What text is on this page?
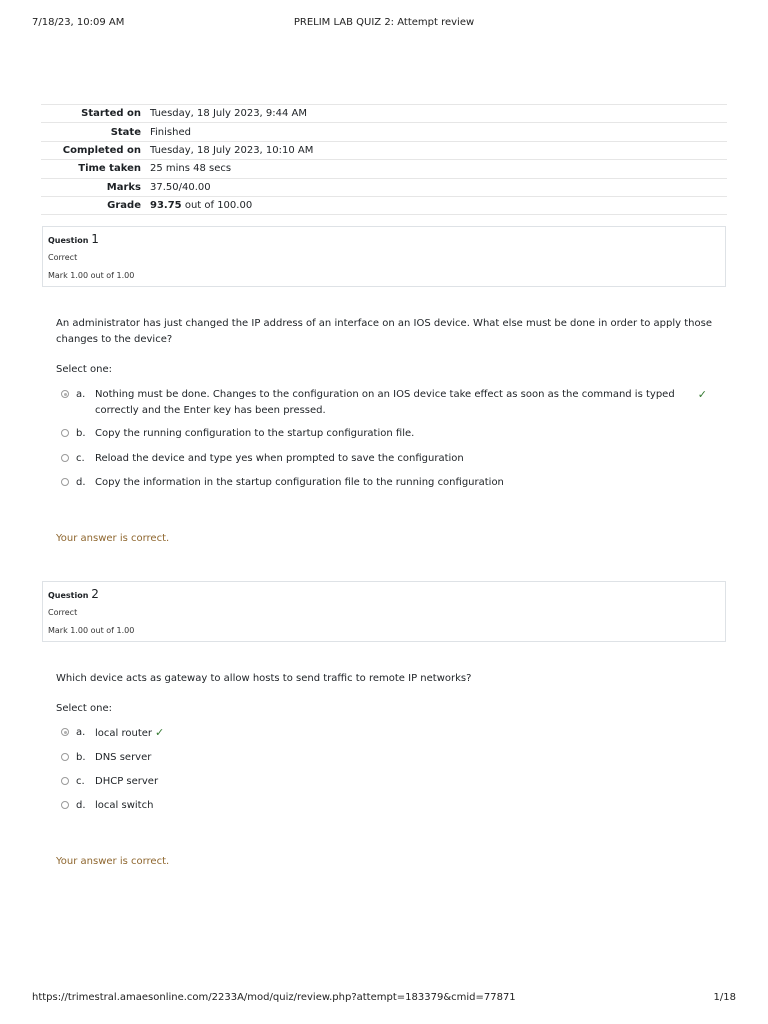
7/18/23, 10:09 AM	PRELIM LAB QUIZ 2: Attempt review
Started on	Tuesday, 18 July 2023, 9:44 AM
State	Finished
Completed on	Tuesday, 18 July 2023, 10:10 AM
Time taken	25 mins 48 secs
Marks	37.50/40.00
Grade	93.75 out of 100.00
Question 1
Correct
Mark 1.00 out of 1.00
An administrator has just changed the IP address of an interface on an IOS device. What else must be done in order to apply those changes to the device?
Select one:
a. Nothing must be done. Changes to the configuration on an IOS device take effect as soon as the command is typed correctly and the Enter key has been pressed.
✓
b. Copy the running configuration to the startup configuration file.
c. Reload the device and type yes when prompted to save the configuration
d. Copy the information in the startup configuration file to the running configuration
Your answer is correct.
Question 2
Correct
Mark 1.00 out of 1.00
Which device acts as gateway to allow hosts to send traffic to remote IP networks?
Select one:
a. local router ✓
b. DNS server
c. DHCP server
d. local switch
Your answer is correct.
https://trimestral.amaesonline.com/2233A/mod/quiz/review.php?attempt=183379&cmid=77871	1/18
